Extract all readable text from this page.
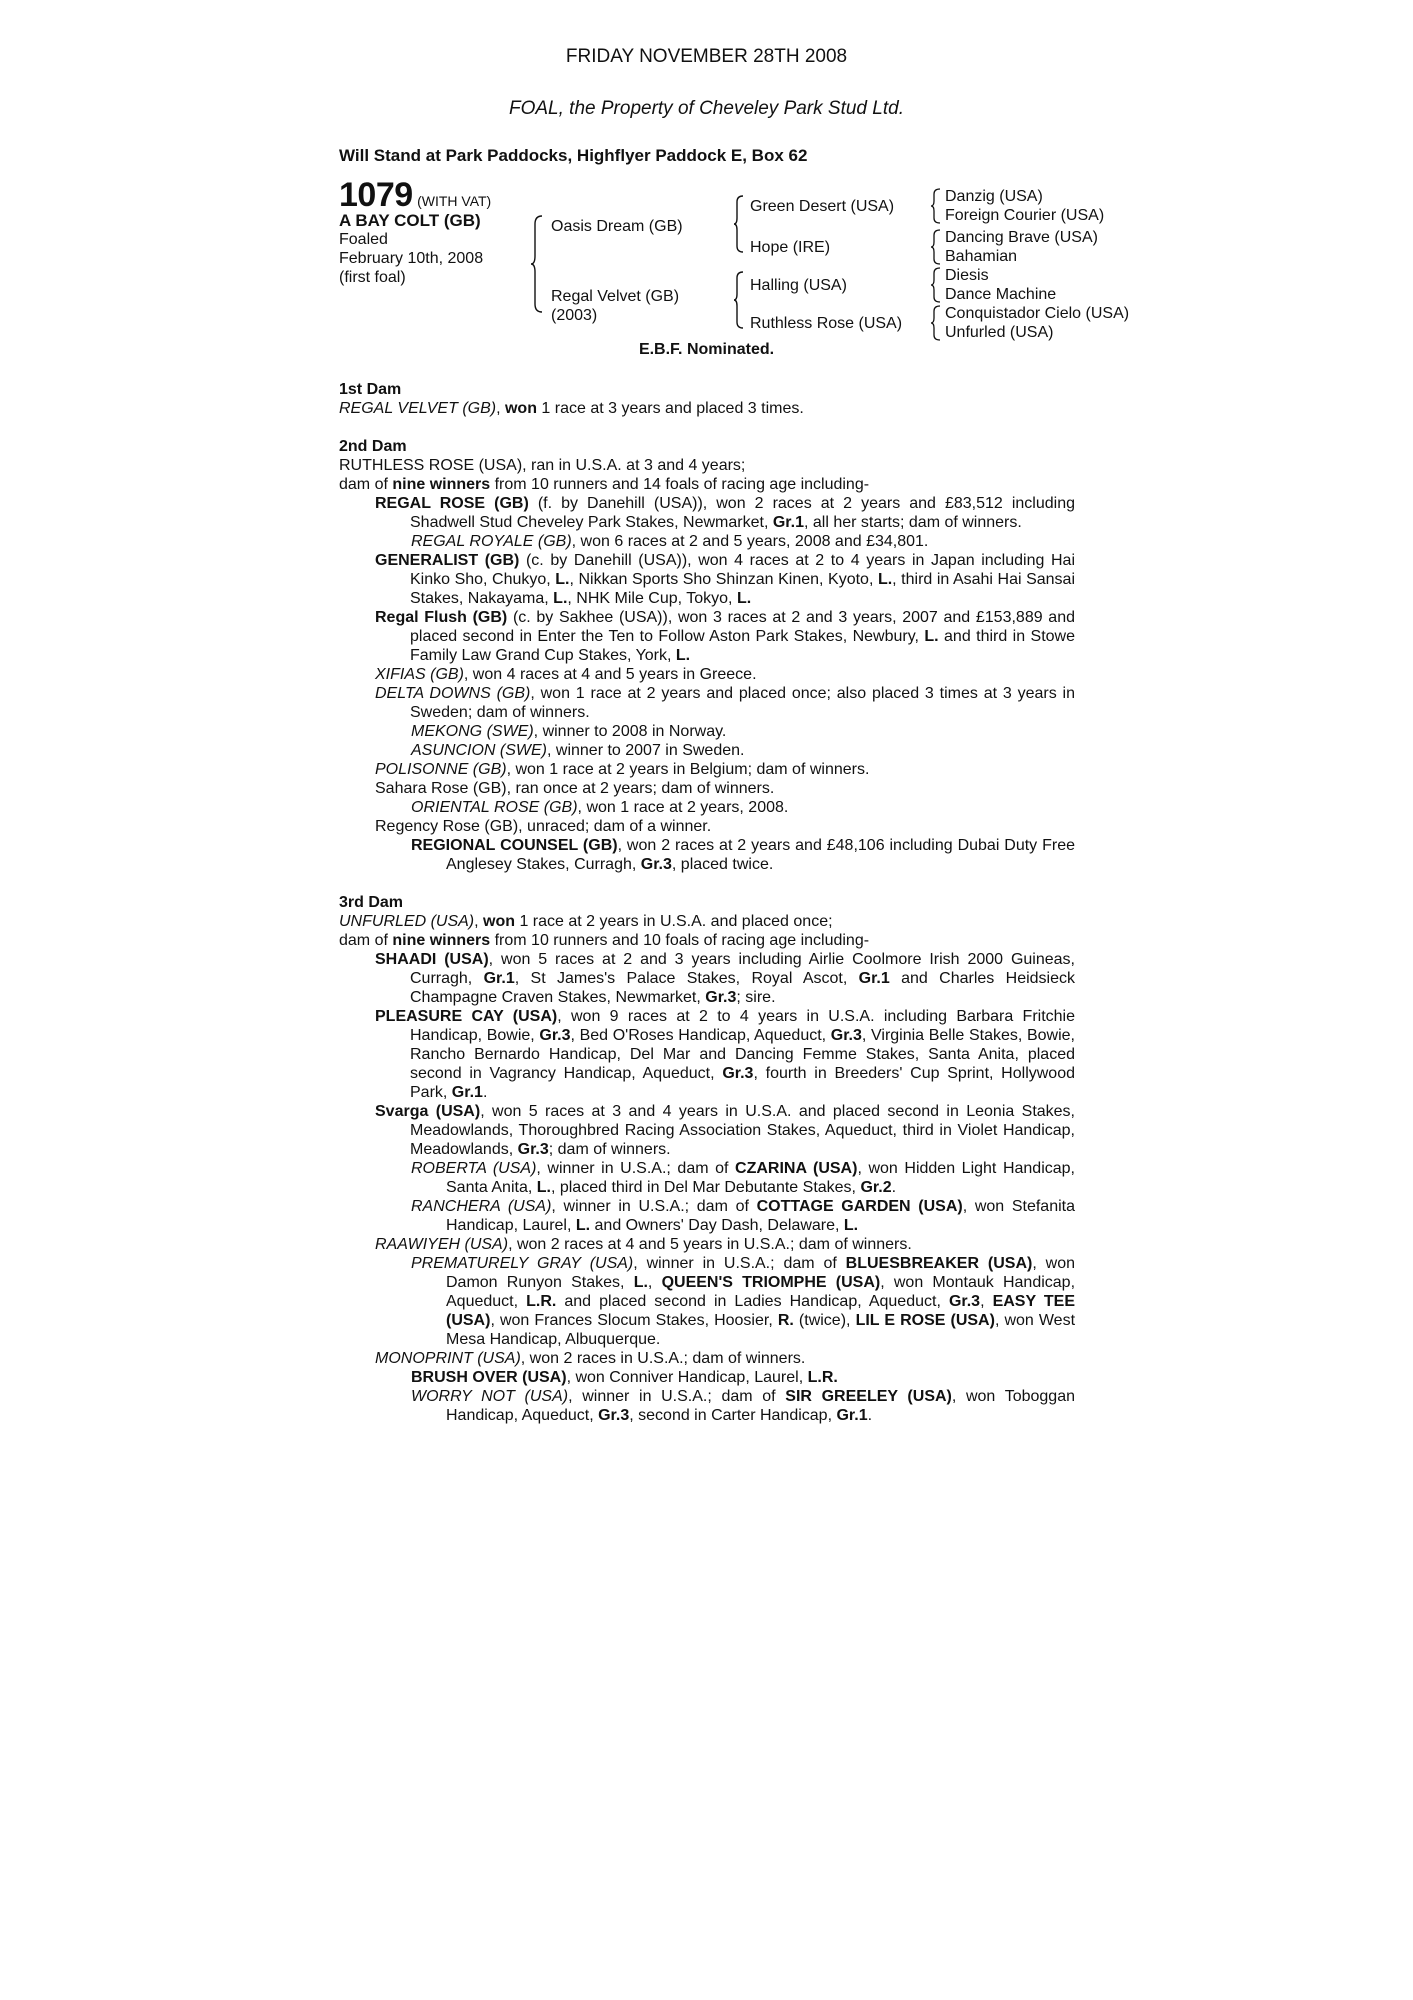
FRIDAY NOVEMBER 28TH 2008
FOAL, the Property of Cheveley Park Stud Ltd.
Will Stand at Park Paddocks, Highflyer Paddock E, Box 62
1079 (WITH VAT)
A BAY COLT (GB)
Foaled
February 10th, 2008
(first foal)
Oasis Dream (GB)
Regal Velvet (GB)
(2003)
Green Desert (USA)
Hope (IRE)
Halling (USA)
Ruthless Rose (USA)
Danzig (USA)
Foreign Courier (USA)
Dancing Brave (USA)
Bahamian
Diesis
Dance Machine
Conquistador Cielo (USA)
Unfurled (USA)
E.B.F. Nominated.
1st Dam
REGAL VELVET (GB), won 1 race at 3 years and placed 3 times.
2nd Dam
RUTHLESS ROSE (USA), ran in U.S.A. at 3 and 4 years;
dam of nine winners from 10 runners and 14 foals of racing age including-
REGAL ROSE (GB) (f. by Danehill (USA)), won 2 races at 2 years and £83,512 including Shadwell Stud Cheveley Park Stakes, Newmarket, Gr.1, all her starts; dam of winners.
REGAL ROYALE (GB), won 6 races at 2 and 5 years, 2008 and £34,801.
GENERALIST (GB) (c. by Danehill (USA)), won 4 races at 2 to 4 years in Japan including Hai Kinko Sho, Chukyo, L., Nikkan Sports Sho Shinzan Kinen, Kyoto, L., third in Asahi Hai Sansai Stakes, Nakayama, L., NHK Mile Cup, Tokyo, L.
Regal Flush (GB) (c. by Sakhee (USA)), won 3 races at 2 and 3 years, 2007 and £153,889 and placed second in Enter the Ten to Follow Aston Park Stakes, Newbury, L. and third in Stowe Family Law Grand Cup Stakes, York, L.
XIFIAS (GB), won 4 races at 4 and 5 years in Greece.
DELTA DOWNS (GB), won 1 race at 2 years and placed once; also placed 3 times at 3 years in Sweden; dam of winners.
MEKONG (SWE), winner to 2008 in Norway.
ASUNCION (SWE), winner to 2007 in Sweden.
POLISONNE (GB), won 1 race at 2 years in Belgium; dam of winners.
Sahara Rose (GB), ran once at 2 years; dam of winners.
ORIENTAL ROSE (GB), won 1 race at 2 years, 2008.
Regency Rose (GB), unraced; dam of a winner.
REGIONAL COUNSEL (GB), won 2 races at 2 years and £48,106 including Dubai Duty Free Anglesey Stakes, Curragh, Gr.3, placed twice.
3rd Dam
UNFURLED (USA), won 1 race at 2 years in U.S.A. and placed once;
dam of nine winners from 10 runners and 10 foals of racing age including-
SHAADI (USA), won 5 races at 2 and 3 years including Airlie Coolmore Irish 2000 Guineas, Curragh, Gr.1, St James's Palace Stakes, Royal Ascot, Gr.1 and Charles Heidsieck Champagne Craven Stakes, Newmarket, Gr.3; sire.
PLEASURE CAY (USA), won 9 races at 2 to 4 years in U.S.A. including Barbara Fritchie Handicap, Bowie, Gr.3, Bed O'Roses Handicap, Aqueduct, Gr.3, Virginia Belle Stakes, Bowie, Rancho Bernardo Handicap, Del Mar and Dancing Femme Stakes, Santa Anita, placed second in Vagrancy Handicap, Aqueduct, Gr.3, fourth in Breeders' Cup Sprint, Hollywood Park, Gr.1.
Svarga (USA), won 5 races at 3 and 4 years in U.S.A. and placed second in Leonia Stakes, Meadowlands, Thoroughbred Racing Association Stakes, Aqueduct, third in Violet Handicap, Meadowlands, Gr.3; dam of winners.
ROBERTA (USA), winner in U.S.A.; dam of CZARINA (USA), won Hidden Light Handicap, Santa Anita, L., placed third in Del Mar Debutante Stakes, Gr.2.
RANCHERA (USA), winner in U.S.A.; dam of COTTAGE GARDEN (USA), won Stefanita Handicap, Laurel, L. and Owners' Day Dash, Delaware, L.
RAAWIYEH (USA), won 2 races at 4 and 5 years in U.S.A.; dam of winners.
PREMATURELY GRAY (USA), winner in U.S.A.; dam of BLUESBREAKER (USA), won Damon Runyon Stakes, L., QUEEN'S TRIOMPHE (USA), won Montauk Handicap, Aqueduct, L.R. and placed second in Ladies Handicap, Aqueduct, Gr.3, EASY TEE (USA), won Frances Slocum Stakes, Hoosier, R. (twice), LIL E ROSE (USA), won West Mesa Handicap, Albuquerque.
MONOPRINT (USA), won 2 races in U.S.A.; dam of winners.
BRUSH OVER (USA), won Conniver Handicap, Laurel, L.R.
WORRY NOT (USA), winner in U.S.A.; dam of SIR GREELEY (USA), won Toboggan Handicap, Aqueduct, Gr.3, second in Carter Handicap, Gr.1.
